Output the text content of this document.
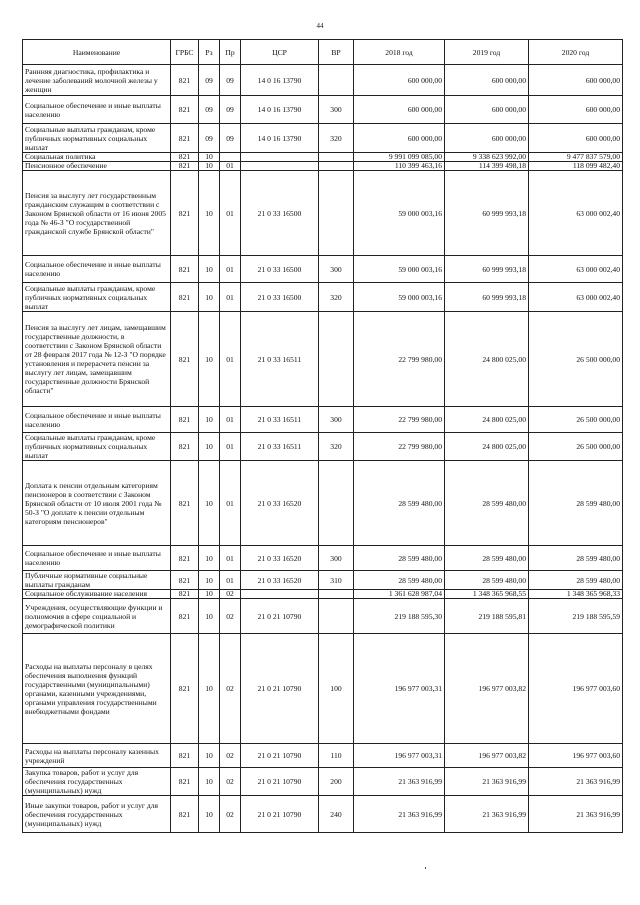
44
Наименование	ГРБС	Рз	Пр	ЦСР	ВР	2018 год	2019 год	2020 год
Раннняя диагностика, профилактика и лечение заболеваний молочной железы у женщин	821	09	09	14 0 16 13790		600 000,00	600 000,00	600 000,00
Социальное обеспечение и иные выплаты населению	821	09	09	14 0 16 13790	300	600 000,00	600 000,00	600 000,00
Социальные выплаты гражданам, кроме публичных нормативных социальных выплат	821	09	09	14 0 16 13790	320	600 000,00	600 000,00	600 000,00
Социальная политика	821	10				9 991 099 085,00	9 338 623 992,00	9 477 837 579,00
Пенсионное обеспечение	821	10	01			110 399 463,16	114 399 498,18	118 099 482,40
Пенсия за выслугу лет государственным гражданским служащим в соответствии с Законом Брянской области от 16 июня 2005 года № 46-З "О государственной гражданской службе Брянской области"	821	10	01	21 0 33 16500		59 000 003,16	60 999 993,18	63 000 002,40
Социальное обеспечение и иные выплаты населению	821	10	01	21 0 33 16500	300	59 000 003,16	60 999 993,18	63 000 002,40
Социальные выплаты гражданам, кроме публичных нормативных социальных выплат	821	10	01	21 0 33 16500	320	59 000 003,16	60 999 993,18	63 000 002,40
Пенсия за выслугу лет лицам, замещавшим государственные должности, в соответствии с Законом Брянской области от 28 февраля 2017 года № 12-З "О порядке установления и перерасчета пенсии за выслугу лет лицам, замещавшим государственные должности Брянской области"	821	10	01	21 0 33 16511		22 799 980,00	24 800 025,00	26 500 000,00
Социальное обеспечение и иные выплаты населению	821	10	01	21 0 33 16511	300	22 799 980,00	24 800 025,00	26 500 000,00
Социальные выплаты гражданам, кроме публичных нормативных социальных выплат	821	10	01	21 0 33 16511	320	22 799 980,00	24 800 025,00	26 500 000,00
Доплата к пенсии отдельным категориям пенсионеров в соответствии с Законом Брянской области от 10 июля 2001 года № 50-З "О доплате к пенсии отдельным категориям пенсионеров"	821	10	01	21 0 33 16520		28 599 480,00	28 599 480,00	28 599 480,00
Социальное обеспечение и иные выплаты населению	821	10	01	21 0 33 16520	300	28 599 480,00	28 599 480,00	28 599 480,00
Публичные нормативные социальные выплаты гражданам	821	10	01	21 0 33 16520	310	28 599 480,00	28 599 480,00	28 599 480,00
Социальное обслуживание населения	821	10	02			1 361 628 987,04	1 348 365 968,55	1 348 365 968,33
Учреждения, осуществляющие функции и полномочия в сфере социальной и демографической политики	821	10	02	21 0 21 10790		219 188 595,30	219 188 595,81	219 188 595,59
Расходы на выплаты персоналу в целях обеспечения выполнения функций государственными (муниципальными) органами, казенными учреждениями, органами управления государственными внебюджетными фондами	821	10	02	21 0 21 10790	100	196 977 003,31	196 977 003,82	196 977 003,60
Расходы на выплаты персоналу казенных учреждений	821	10	02	21 0 21 10790	110	196 977 003,31	196 977 003,82	196 977 003,60
Закупка товаров, работ и услуг для обеспечения государственных (муниципальных) нужд	821	10	02	21 0 21 10790	200	21 363 916,99	21 363 916,99	21 363 916,99
Иные закупки товаров, работ и услуг для обеспечения государственных (муниципальных) нужд	821	10	02	21 0 21 10790	240	21 363 916,99	21 363 916,99	21 363 916,99
